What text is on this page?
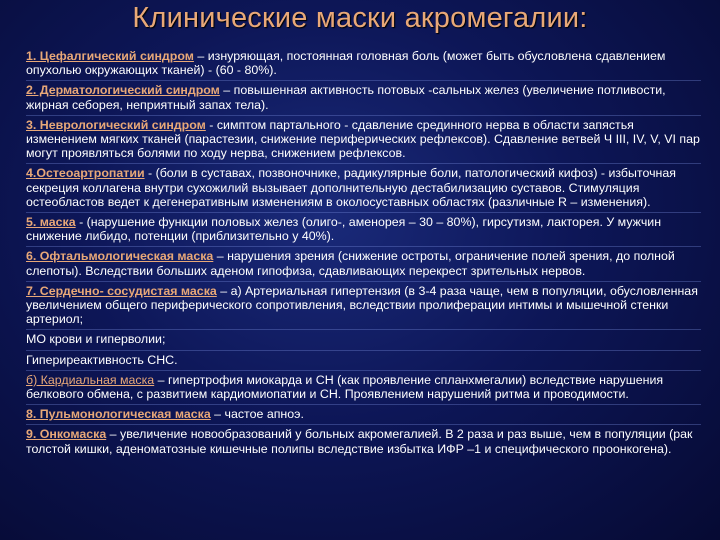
Клинические маски акромегалии:

1. Цефалгический синдром – изнуряющая, постоянная головная боль (может быть обусловлена сдавлением опухолью окружающих тканей) - (60 - 80%).

2. Дерматологический синдром – повышенная активность потовых -сальных желез (увеличение потливости, жирная себорея, неприятный запах тела).

3. Неврологический синдром - симптом партального - сдавление срединного нерва в области запястья изменением мягких тканей (парастезии, снижение периферических рефлексов). Сдавление ветвей Ч III, IV, V, VI пар могут проявляться болями по ходу нерва, снижением рефлексов.

4.Остеоартропатии - (боли в суставах, позвоночнике, радикулярные боли, патологический кифоз) - избыточная секреция коллагена внутри сухожилий вызывает дополнительную дестабилизацию суставов. Стимуляция остеобластов ведет к дегенеративным изменениям в околосуставных областях (различные R – изменения).

5. маска - (нарушение функции половых желез (олиго-, аменорея – 30 – 80%), гирсутизм, лакторея. У мужчин снижение либидо, потенции (приблизительно у 40%).

6. Офтальмологическая маска – нарушения зрения (снижение остроты, ограничение полей зрения, до полной слепоты). Вследствии больших аденом гипофиза, сдавливающих перекрест зрительных нервов.

7. Сердечно- сосудистая маска – а) Артериальная гипертензия (в 3-4 раза чаще, чем в популяции, обусловленная увеличением общего периферического сопротивления, вследствии пролиферации интимы и мышечной стенки артериол;

МО крови и гиперволии;

Гипериреактивность СНС.

б) Кардиальная маска – гипертрофия миокарда и СН (как проявление спланхмегалии) вследствие нарушения белкового обмена, с развитием кардиомиопатии и СН. Проявлением нарушений ритма и проводимости.

8. Пульмонологическая маска – частое апноэ.

9. Онкомаска – увеличение новообразований у больных акромегалией. В 2 раза и раз выше, чем в популяции (рак толстой кишки, аденоматозные кишечные полипы вследствие избытка ИФР –1 и специфического проонкогена).
